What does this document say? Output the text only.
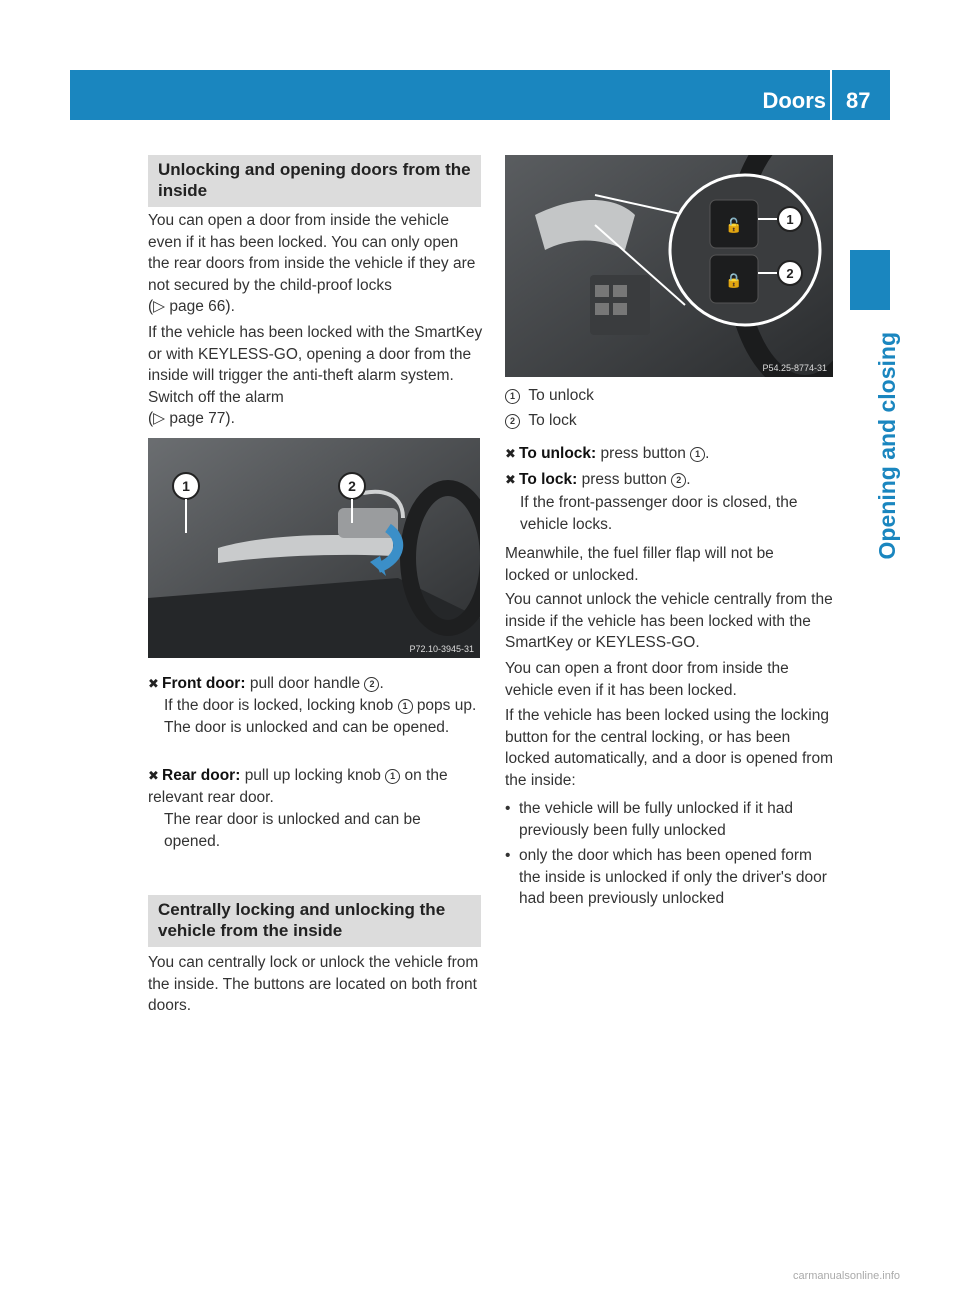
Doors 87
Opening and closing
Unlocking and opening doors from the inside
You can open a door from inside the vehicle even if it has been locked. You can only open the rear doors from inside the vehicle if they are not secured by the child-proof locks
(▷ page 66).
If the vehicle has been locked with the SmartKey or with KEYLESS-GO, opening a door from the inside will trigger the anti-theft alarm system. Switch off the alarm
(▷ page 77).
1	2
P72.10-3945-31
✖ Front door: pull door handle 2 .
If the door is locked, locking knob 1 pops up. The door is unlocked and can be opened.
✖ Rear door: pull up locking knob 1 on the relevant rear door.
The rear door is unlocked and can be opened.
Centrally locking and unlocking the vehicle from the inside
You can centrally lock or unlock the vehicle from the inside. The buttons are located on both front doors.
🔓
🔒
1
2
P54.25-8774-31
1 To unlock
2 To lock
✖ To unlock: press button 1 .
✖ To lock: press button 2 .
If the front-passenger door is closed, the vehicle locks.
Meanwhile, the fuel filler flap will not be locked or unlocked.
You cannot unlock the vehicle centrally from the inside if the vehicle has been locked with the SmartKey or KEYLESS-GO.
You can open a front door from inside the vehicle even if it has been locked.
If the vehicle has been locked using the locking button for the central locking, or has been locked automatically, and a door is opened from the inside:
• the vehicle will be fully unlocked if it had previously been fully unlocked
• only the door which has been opened form the inside is unlocked if only the driver's door had been previously unlocked
carmanualsonline.info
